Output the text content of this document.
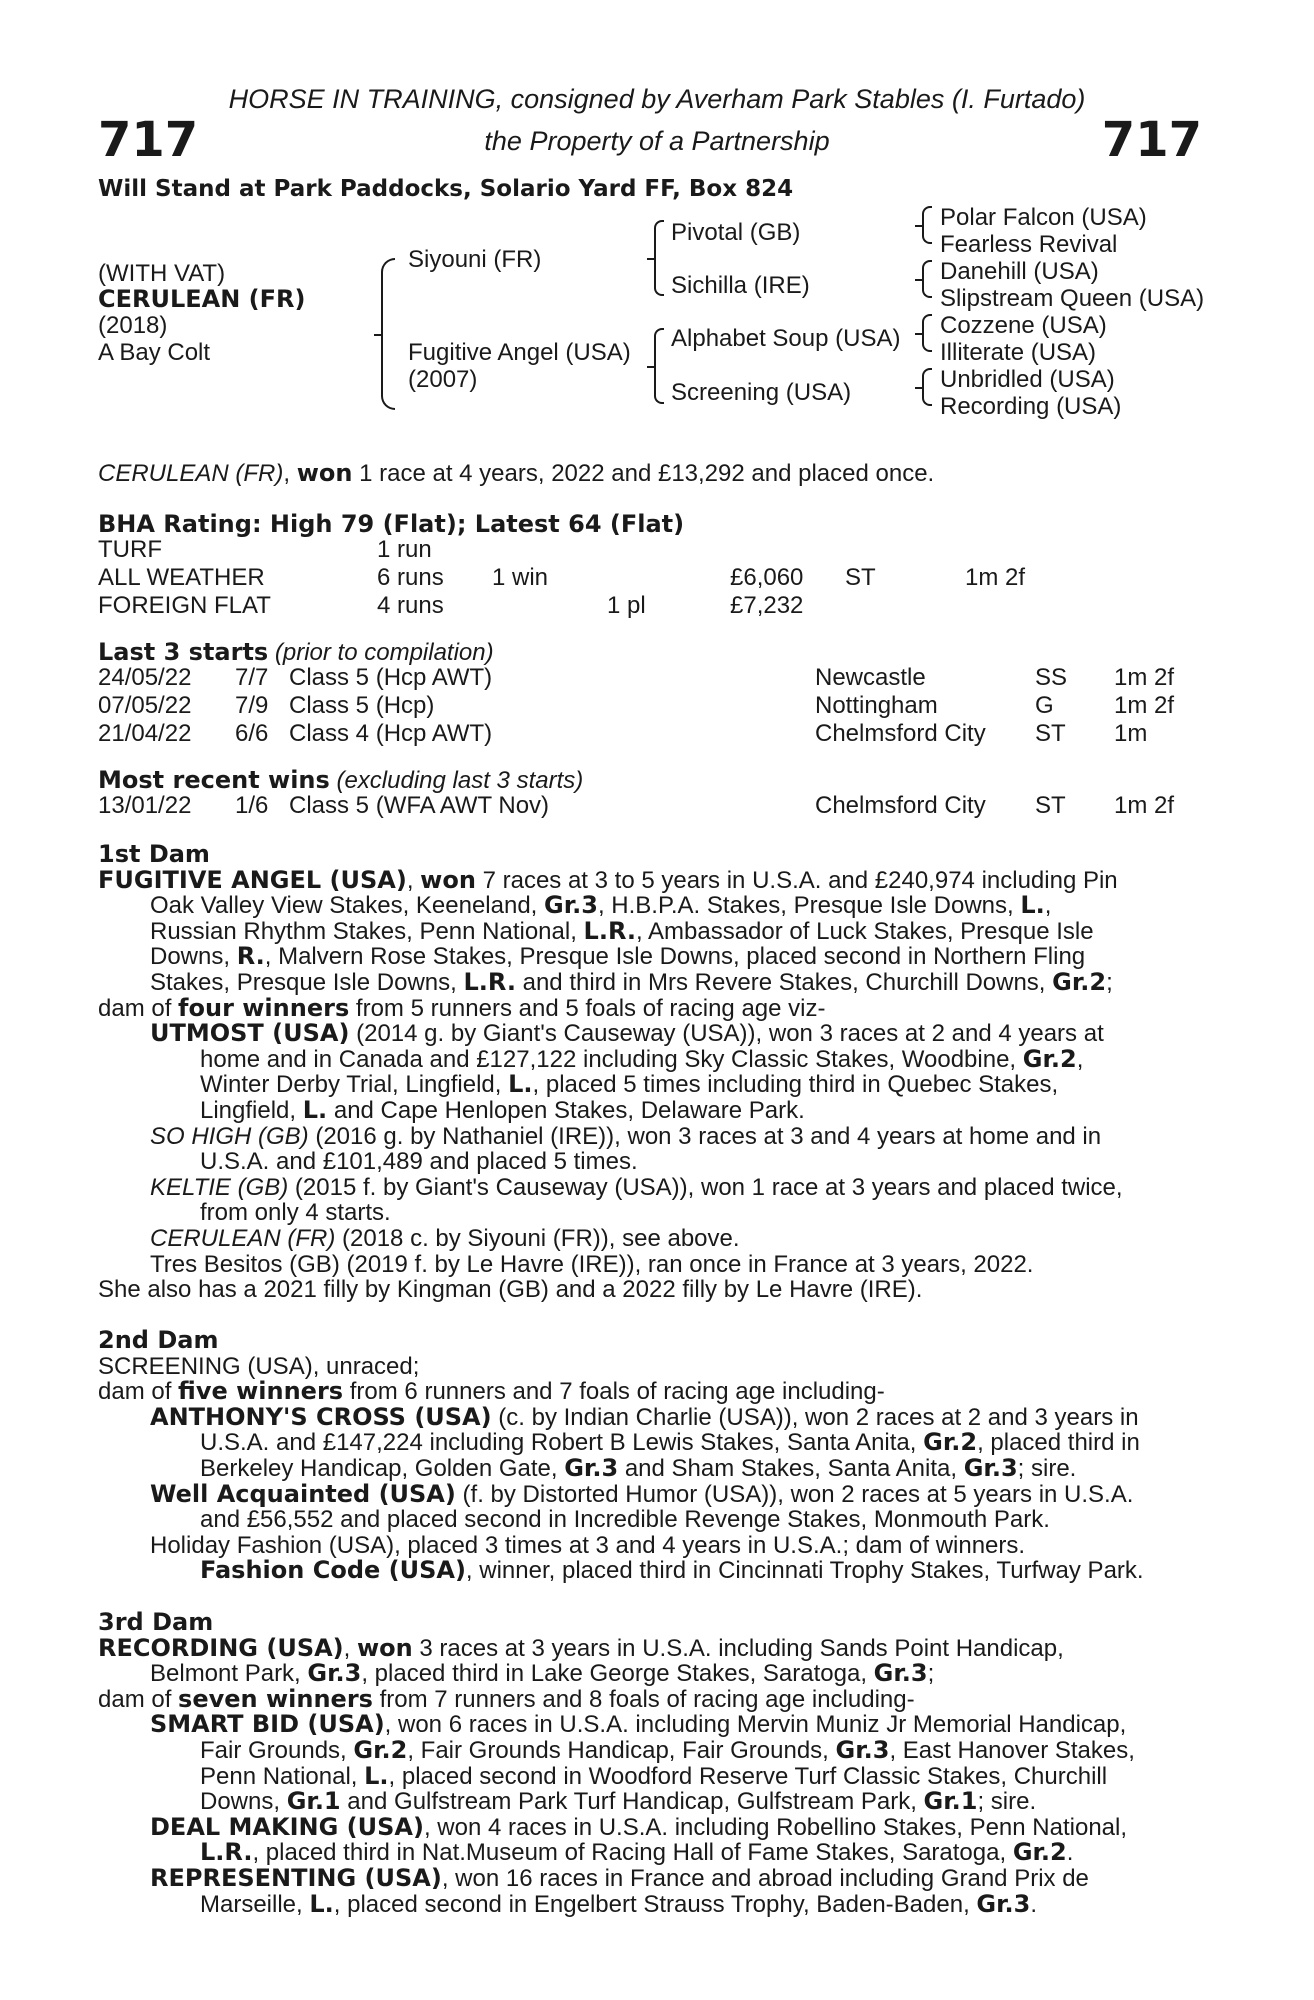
HORSE IN TRAINING, consigned by Averham Park Stables (I. Furtado)
the Property of a Partnership
717	717
Will Stand at Park Paddocks, Solario Yard FF, Box 824
(WITH VAT)
CERULEAN (FR)
(2018)
A Bay Colt
Siyouni (FR)
Fugitive Angel (USA)
(2007)
Pivotal (GB)
Sichilla (IRE)
Alphabet Soup (USA)
Screening (USA)
Polar Falcon (USA)
Fearless Revival
Danehill (USA)
Slipstream Queen (USA)
Cozzene (USA)
Illiterate (USA)
Unbridled (USA)
Recording (USA)
CERULEAN (FR), won 1 race at 4 years, 2022 and £13,292 and placed once.
BHA Rating: High 79 (Flat); Latest 64 (Flat)
TURF	1 run					
ALL WEATHER	6 runs	1 win		£6,060	ST	1m 2f
FOREIGN FLAT	4 runs		1 pl	£7,232		
Last 3 starts (prior to compilation)
24/05/22	7/7	Class 5 (Hcp AWT)	Newcastle	SS	1m 2f
07/05/22	7/9	Class 5 (Hcp)	Nottingham	G	1m 2f
21/04/22	6/6	Class 4 (Hcp AWT)	Chelmsford City	ST	1m
Most recent wins (excluding last 3 starts)
13/01/22	1/6	Class 5 (WFA AWT Nov)	Chelmsford City	ST	1m 2f
1st Dam
FUGITIVE ANGEL (USA), won 7 races at 3 to 5 years in U.S.A. and £240,974 including Pin
Oak Valley View Stakes, Keeneland, Gr.3, H.B.P.A. Stakes, Presque Isle Downs, L.,
Russian Rhythm Stakes, Penn National, L.R., Ambassador of Luck Stakes, Presque Isle
Downs, R., Malvern Rose Stakes, Presque Isle Downs, placed second in Northern Fling
Stakes, Presque Isle Downs, L.R. and third in Mrs Revere Stakes, Churchill Downs, Gr.2;
dam of four winners from 5 runners and 5 foals of racing age viz-
UTMOST (USA) (2014 g. by Giant's Causeway (USA)), won 3 races at 2 and 4 years at
home and in Canada and £127,122 including Sky Classic Stakes, Woodbine, Gr.2,
Winter Derby Trial, Lingfield, L., placed 5 times including third in Quebec Stakes,
Lingfield, L. and Cape Henlopen Stakes, Delaware Park.
SO HIGH (GB) (2016 g. by Nathaniel (IRE)), won 3 races at 3 and 4 years at home and in
U.S.A. and £101,489 and placed 5 times.
KELTIE (GB) (2015 f. by Giant's Causeway (USA)), won 1 race at 3 years and placed twice,
from only 4 starts.
CERULEAN (FR) (2018 c. by Siyouni (FR)), see above.
Tres Besitos (GB) (2019 f. by Le Havre (IRE)), ran once in France at 3 years, 2022.
She also has a 2021 filly by Kingman (GB) and a 2022 filly by Le Havre (IRE).
2nd Dam
SCREENING (USA), unraced;
dam of five winners from 6 runners and 7 foals of racing age including-
ANTHONY'S CROSS (USA) (c. by Indian Charlie (USA)), won 2 races at 2 and 3 years in
U.S.A. and £147,224 including Robert B Lewis Stakes, Santa Anita, Gr.2, placed third in
Berkeley Handicap, Golden Gate, Gr.3 and Sham Stakes, Santa Anita, Gr.3; sire.
Well Acquainted (USA) (f. by Distorted Humor (USA)), won 2 races at 5 years in U.S.A.
and £56,552 and placed second in Incredible Revenge Stakes, Monmouth Park.
Holiday Fashion (USA), placed 3 times at 3 and 4 years in U.S.A.; dam of winners.
Fashion Code (USA), winner, placed third in Cincinnati Trophy Stakes, Turfway Park.
3rd Dam
RECORDING (USA), won 3 races at 3 years in U.S.A. including Sands Point Handicap,
Belmont Park, Gr.3, placed third in Lake George Stakes, Saratoga, Gr.3;
dam of seven winners from 7 runners and 8 foals of racing age including-
SMART BID (USA), won 6 races in U.S.A. including Mervin Muniz Jr Memorial Handicap,
Fair Grounds, Gr.2, Fair Grounds Handicap, Fair Grounds, Gr.3, East Hanover Stakes,
Penn National, L., placed second in Woodford Reserve Turf Classic Stakes, Churchill
Downs, Gr.1 and Gulfstream Park Turf Handicap, Gulfstream Park, Gr.1; sire.
DEAL MAKING (USA), won 4 races in U.S.A. including Robellino Stakes, Penn National,
L.R., placed third in Nat.Museum of Racing Hall of Fame Stakes, Saratoga, Gr.2.
REPRESENTING (USA), won 16 races in France and abroad including Grand Prix de
Marseille, L., placed second in Engelbert Strauss Trophy, Baden-Baden, Gr.3.
